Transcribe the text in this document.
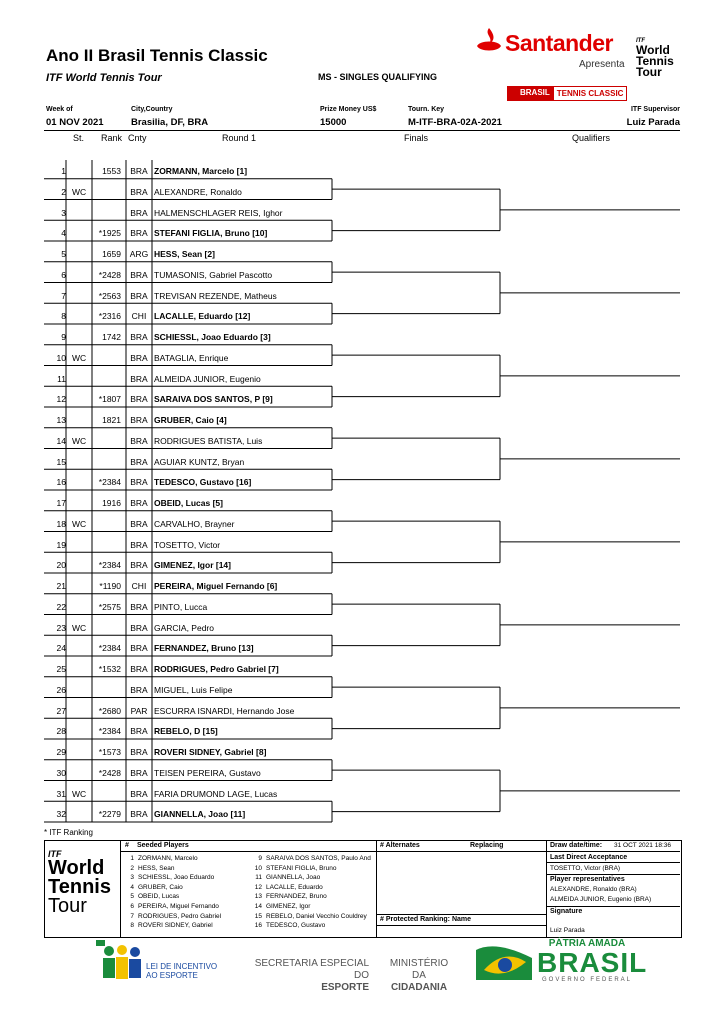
Ano II Brasil Tennis Classic
ITF World Tennis Tour	MS - SINGLES QUALIFYING
Santander
Apresenta
ITF
World Tennis Tour
BRASIL TENNIS CLASSIC
Week of
01 NOV 2021
City,Country
Brasilia, DF, BRA
Prize Money US$
15000
Tourn. Key
M-ITF-BRA-02A-2021
ITF Supervisor
Luiz Parada
St. Rank Cnty	Round 1	Finals	Qualifiers
1	1553	BRA ZORMANN, Marcelo [1]
2 WC	BRA ALEXANDRE, Ronaldo
3	BRA HALMENSCHLAGER REIS, Ighor
4	*1925	BRA STEFANI FIGLIA, Bruno [10]
5	1659	ARG HESS, Sean [2]
6	*2428	BRA TUMASONIS, Gabriel Pascotto
7	*2563	BRA TREVISAN REZENDE, Matheus
8	*2316	CHI LACALLE, Eduardo [12]
9	1742	BRA SCHIESSL, Joao Eduardo [3]
10 WC	BRA BATAGLIA, Enrique
11	BRA ALMEIDA JUNIOR, Eugenio
12	*1807	BRA SARAIVA DOS SANTOS, P [9]
13	1821	BRA GRUBER, Caio [4]
14 WC	BRA RODRIGUES BATISTA, Luis
15	BRA AGUIAR KUNTZ, Bryan
16	*2384	BRA TEDESCO, Gustavo [16]
17	1916	BRA OBEID, Lucas [5]
18 WC	BRA CARVALHO, Brayner
19	BRA TOSETTO, Victor
20	*2384	BRA GIMENEZ, Igor [14]
21	*1190	CHI PEREIRA, Miguel Fernando [6]
22	*2575	BRA PINTO, Lucca
23 WC	BRA GARCIA, Pedro
24	*2384	BRA FERNANDEZ, Bruno [13]
25	*1532	BRA RODRIGUES, Pedro Gabriel [7]
26	BRA MIGUEL, Luis Felipe
27	*2680	PAR ESCURRA ISNARDI, Hernando Jose
28	*2384	BRA REBELO, D [15]
29	*1573	BRA ROVERI SIDNEY, Gabriel [8]
30	*2428	BRA TEISEN PEREIRA, Gustavo
31 WC	BRA FARIA DRUMOND LAGE, Lucas
32	*2279	BRA GIANNELLA, Joao [11]
* ITF Ranking
ITF
World
Tennis
Tour
# Seeded Players
1 ZORMANN, Marcelo
2 HESS, Sean
3 SCHIESSL, Joao Eduardo
4 GRUBER, Caio
5 OBEID, Lucas
6 PEREIRA, Miguel Fernando
7 RODRIGUES, Pedro Gabriel
8 ROVERI SIDNEY, Gabriel
9 SARAIVA DOS SANTOS, Paulo And
10 STEFANI FIGLIA, Bruno
11 GIANNELLA, Joao
12 LACALLE, Eduardo
13 FERNANDEZ, Bruno
14 GIMENEZ, Igor
15 REBELO, Daniel Vecchio Couldrey
16 TEDESCO, Gustavo
# Alternates	Replacing
# Protected Ranking: Name
Draw date/time: 31 OCT 2021 18:36
Last Direct Acceptance
TOSETTO, Victor (BRA)
Player representatives
ALEXANDRE, Ronaldo (BRA)
ALMEIDA JUNIOR, Eugenio (BRA)
Signature
Luiz Parada
LEI DE INCENTIVO
AO ESPORTE
SECRETARIA ESPECIAL DO
ESPORTE
MINISTÉRIO DA
CIDADANIA
PÁTRIA AMADA
BRASIL
GOVERNO FEDERAL
